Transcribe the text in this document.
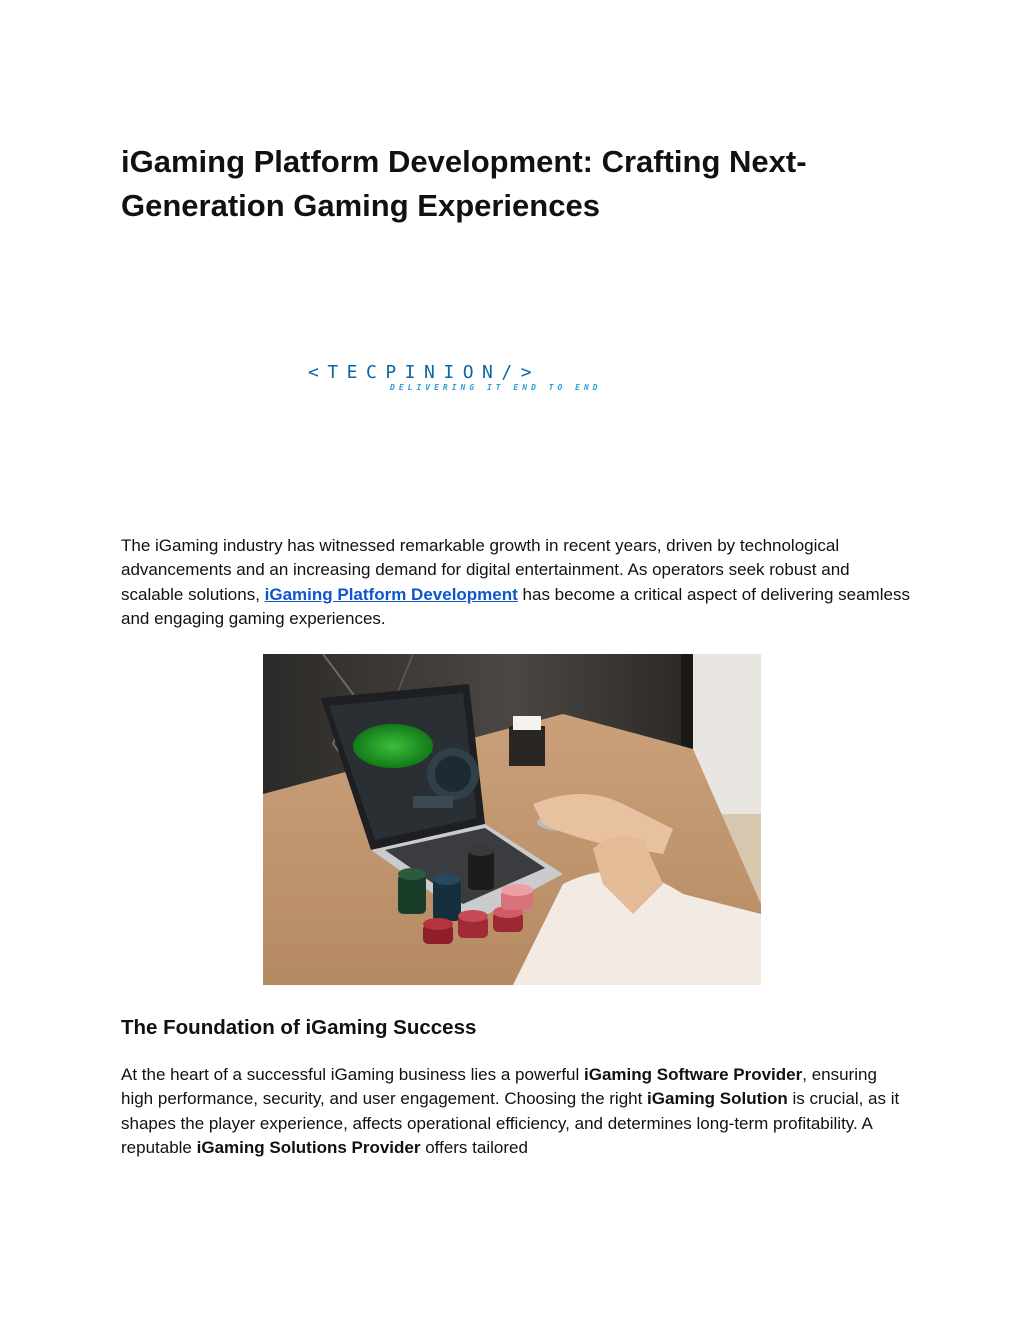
iGaming Platform Development: Crafting Next-Generation Gaming Experiences
<TECPINION/>
DELIVERING IT END TO END

The iGaming industry has witnessed remarkable growth in recent years, driven by technological advancements and an increasing demand for digital entertainment. As operators seek robust and scalable solutions, iGaming Platform Development has become a critical aspect of delivering seamless and engaging gaming experiences.

The Foundation of iGaming Success

At the heart of a successful iGaming business lies a powerful iGaming Software Provider, ensuring high performance, security, and user engagement. Choosing the right iGaming Solution is crucial, as it shapes the player experience, affects operational efficiency, and determines long-term profitability. A reputable iGaming Solutions Provider offers tailored
